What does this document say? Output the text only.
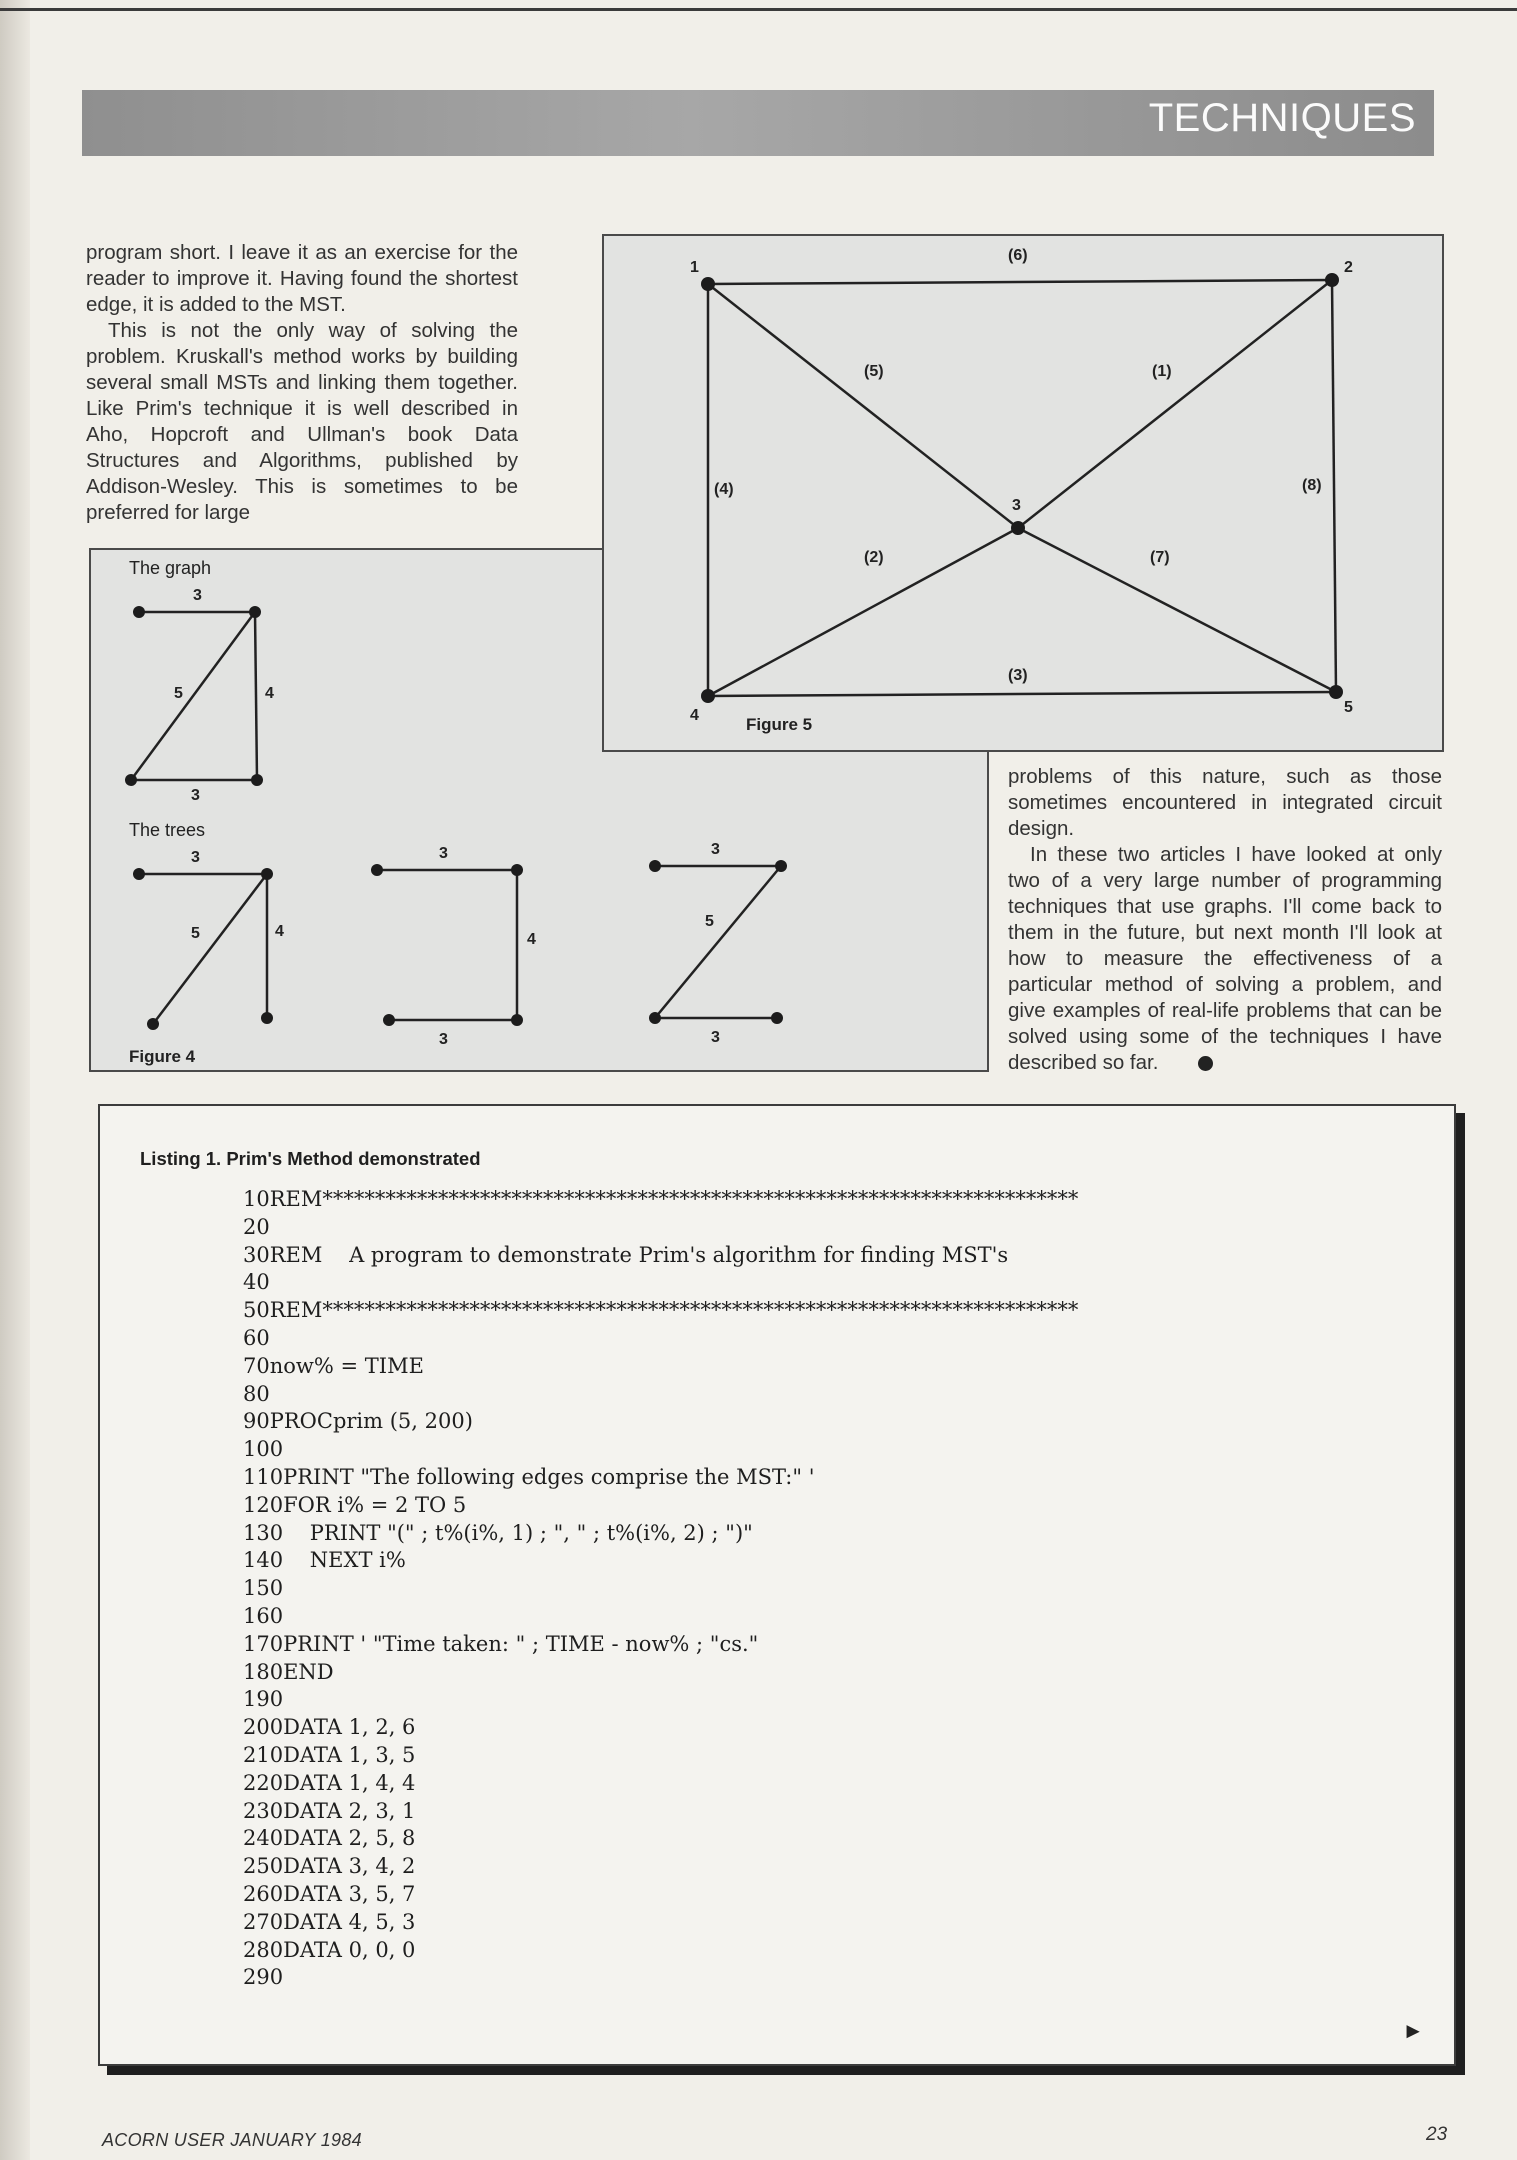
TECHNIQUES

program short. I leave it as an exercise for the reader to improve it. Having found the shortest edge, it is added to the MST.

This is not the only way of solving the problem. Kruskall's method works by building several small MSTs and linking them together. Like Prim's technique it is well described in Aho, Hopcroft and Ullman's book Data Structures and Algorithms, published by Addison-Wesley. This is sometimes to be preferred for large

problems of this nature, such as those sometimes encountered in integrated circuit design.

In these two articles I have looked at only two of a very large number of programming techniques that use graphs. I'll come back to them in the future, but next month I'll look at how to measure the effectiveness of a particular method of solving a problem, and give examples of real-life problems that can be solved using some of the techniques I have described so far.

The graph
The trees
Figure 4
3
5	4
3
3
5	4
3
4
3
3
5
3
1	2
3
4	5
(6)
(5)	(1)
(4)	(8)
(2)	(7)
(3)
Figure 5

Listing 1. Prim's Method demonstrated

10REM************************************************************************
20
30REM    A program to demonstrate Prim's algorithm for finding MST's
40
50REM************************************************************************
60
70now% = TIME
80
90PROCprim (5, 200)
100
110PRINT "The following edges comprise the MST:" '
120FOR i% = 2 TO 5
130    PRINT "(" ; t%(i%, 1) ; ", " ; t%(i%, 2) ; ")"
140    NEXT i%
150
160
170PRINT ' "Time taken: " ; TIME - now% ; "cs."
180END
190
200DATA 1, 2, 6
210DATA 1, 3, 5
220DATA 1, 4, 4
230DATA 2, 3, 1
240DATA 2, 5, 8
250DATA 3, 4, 2
260DATA 3, 5, 7
270DATA 4, 5, 3
280DATA 0, 0, 0
290
►
ACORN USER JANUARY 1984	23
